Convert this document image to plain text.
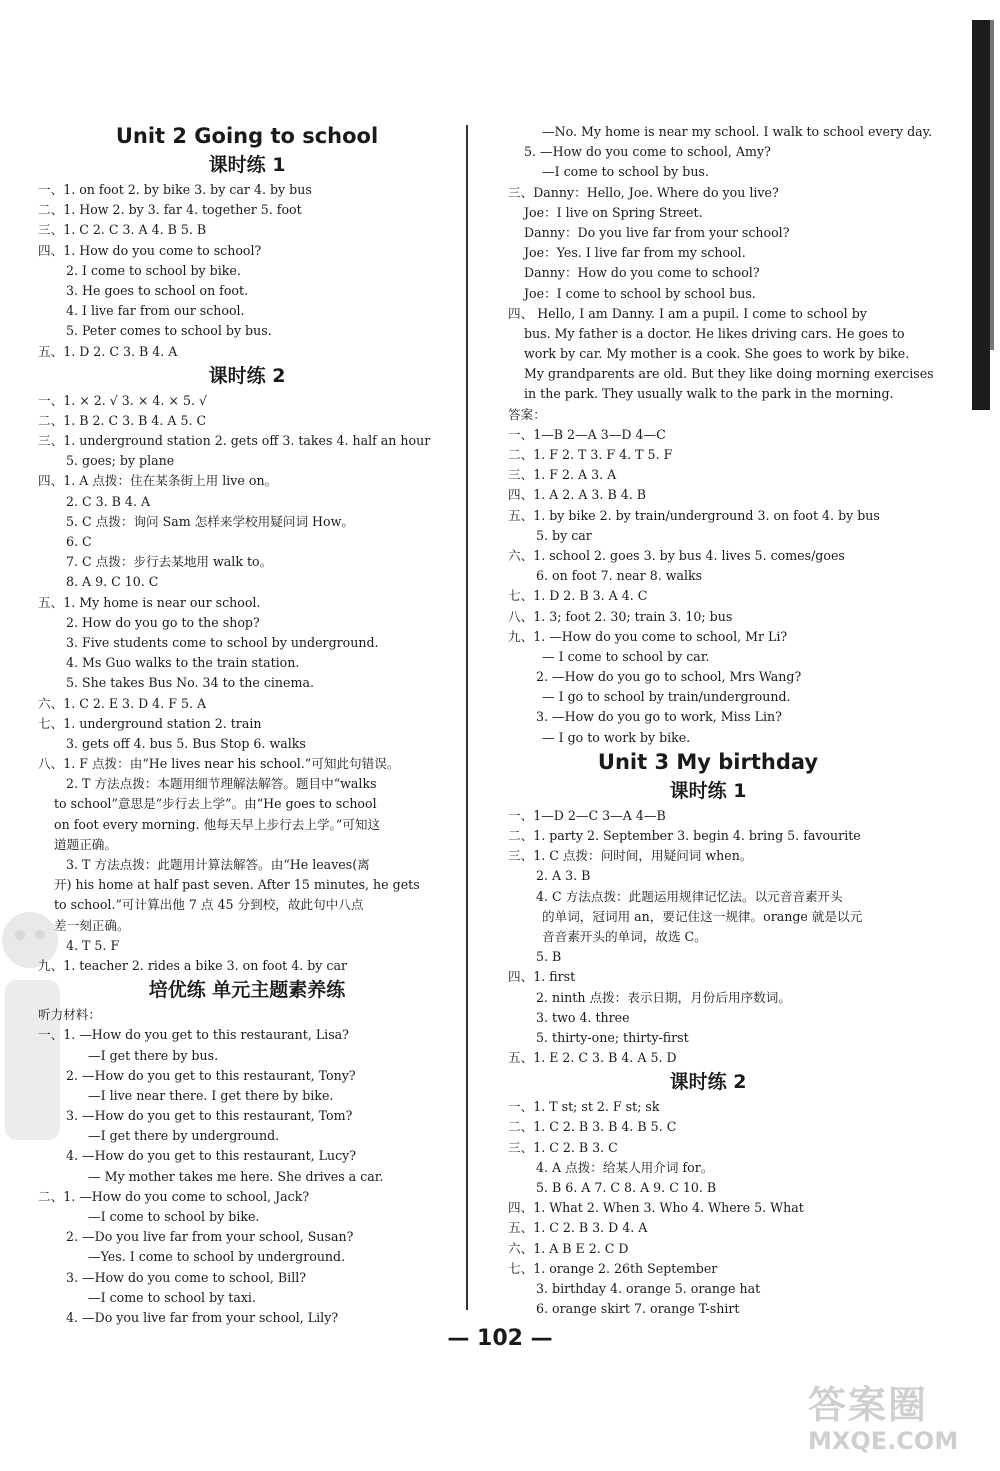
Unit 2 Going to school
课时练 1
一、1. on foot 2. by bike 3. by car 4. by bus
二、1. How 2. by 3. far 4. together 5. foot
三、1. C 2. C 3. A 4. B 5. B
四、1. How do you come to school?
2. I come to school by bike.
3. He goes to school on foot.
4. I live far from our school.
5. Peter comes to school by bus.
五、1. D 2. C 3. B 4. A
课时练 2
一、1. × 2. √ 3. × 4. × 5. √
二、1. B 2. C 3. B 4. A 5. C
三、1. underground station 2. gets off 3. takes 4. half an hour
5. goes; by plane
四、1. A 点拨：住在某条街上用 live on。
2. C 3. B 4. A
5. C 点拨：询问 Sam 怎样来学校用疑问词 How。
6. C
7. C 点拨：步行去某地用 walk to。
8. A 9. C 10. C
五、1. My home is near our school.
2. How do you go to the shop?
3. Five students come to school by underground.
4. Ms Guo walks to the train station.
5. She takes Bus No. 34 to the cinema.
六、1. C 2. E 3. D 4. F 5. A
七、1. underground station 2. train
3. gets off 4. bus 5. Bus Stop 6. walks
八、1. F 点拨：由“He lives near his school.”可知此句错误。
2. T 方法点拨：本题用细节理解法解答。题目中“walks
to school”意思是“步行去上学”。由“He goes to school
on foot every morning. 他每天早上步行去上学。”可知这
道题正确。
3. T 方法点拨：此题用计算法解答。由“He leaves(离
开) his home at half past seven. After 15 minutes, he gets
to school.”可计算出他 7 点 45 分到校，故此句中八点
差一刻正确。
4. T 5. F
九、1. teacher 2. rides a bike 3. on foot 4. by car
培优练 单元主题素养练
听力材料：
一、1. —How do you get to this restaurant, Lisa?
—I get there by bus.
2. —How do you get to this restaurant, Tony?
—I live near there. I get there by bike.
3. —How do you get to this restaurant, Tom?
—I get there by underground.
4. —How do you get to this restaurant, Lucy?
— My mother takes me here. She drives a car.
二、1. —How do you come to school, Jack?
—I come to school by bike.
2. —Do you live far from your school, Susan?
—Yes. I come to school by underground.
3. —How do you come to school, Bill?
—I come to school by taxi.
4. —Do you live far from your school, Lily?
—No. My home is near my school. I walk to school every day.
5. —How do you come to school, Amy?
—I come to school by bus.
三、Danny：Hello, Joe. Where do you live?
Joe：I live on Spring Street.
Danny：Do you live far from your school?
Joe：Yes. I live far from my school.
Danny：How do you come to school?
Joe：I come to school by school bus.
四、 Hello, I am Danny. I am a pupil. I come to school by
bus. My father is a doctor. He likes driving cars. He goes to
work by car. My mother is a cook. She goes to work by bike.
My grandparents are old. But they like doing morning exercises
in the park. They usually walk to the park in the morning.
答案：
一、1—B 2—A 3—D 4—C
二、1. F 2. T 3. F 4. T 5. F
三、1. F 2. A 3. A
四、1. A 2. A 3. B 4. B
五、1. by bike 2. by train/underground 3. on foot 4. by bus
5. by car
六、1. school 2. goes 3. by bus 4. lives 5. comes/goes
6. on foot 7. near 8. walks
七、1. D 2. B 3. A 4. C
八、1. 3; foot 2. 30; train 3. 10; bus
九、1. —How do you come to school, Mr Li?
— I come to school by car.
2. —How do you go to school, Mrs Wang?
— I go to school by train/underground.
3. —How do you go to work, Miss Lin?
— I go to work by bike.
Unit 3 My birthday
课时练 1
一、1—D 2—C 3—A 4—B
二、1. party 2. September 3. begin 4. bring 5. favourite
三、1. C 点拨：问时间，用疑问词 when。
2. A 3. B
4. C 方法点拨：此题运用规律记忆法。以元音音素开头
的单词，冠词用 an，要记住这一规律。orange 就是以元
音音素开头的单词，故选 C。
5. B
四、1. first
2. ninth 点拨：表示日期，月份后用序数词。
3. two 4. three
5. thirty-one; thirty-first
五、1. E 2. C 3. B 4. A 5. D
课时练 2
一、1. T st; st 2. F st; sk
二、1. C 2. B 3. B 4. B 5. C
三、1. C 2. B 3. C
4. A 点拨：给某人用介词 for。
5. B 6. A 7. C 8. A 9. C 10. B
四、1. What 2. When 3. Who 4. Where 5. What
五、1. C 2. B 3. D 4. A
六、1. A B E 2. C D
七、1. orange 2. 26th September
3. birthday 4. orange 5. orange hat
6. orange skirt 7. orange T-shirt
— 102 —
答案圈
MXQE.COM
